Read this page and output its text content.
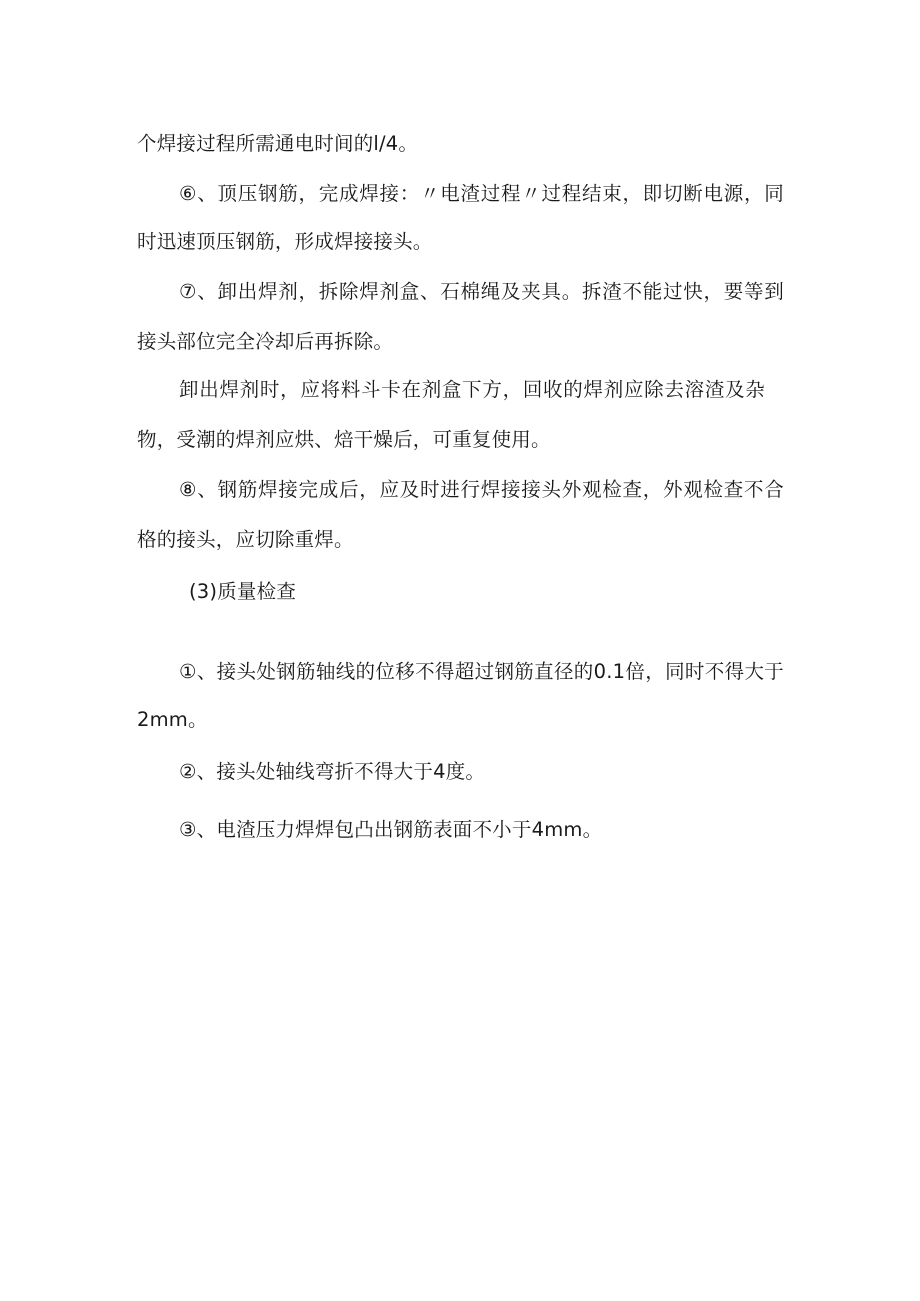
个焊接过程所需通电时间的l/4。
⑥、顶压钢筋，完成焊接：〃电渣过程〃过程结束，即切断电源，同
时迅速顶压钢筋，形成焊接接头。
⑦、卸出焊剂，拆除焊剂盒、石棉绳及夹具。拆渣不能过快，要等到
接头部位完全冷却后再拆除。
卸出焊剂时，应将料斗卡在剂盒下方，回收的焊剂应除去溶渣及杂
物，受潮的焊剂应烘、焙干燥后，可重复使用。
⑧、钢筋焊接完成后，应及时进行焊接接头外观检查，外观检查不合
格的接头，应切除重焊。
(3)质量检查
①、接头处钢筋轴线的位移不得超过钢筋直径的0.1倍，同时不得大于
2mm。
②、接头处轴线弯折不得大于4度。
③、电渣压力焊焊包凸出钢筋表面不小于4mm。
